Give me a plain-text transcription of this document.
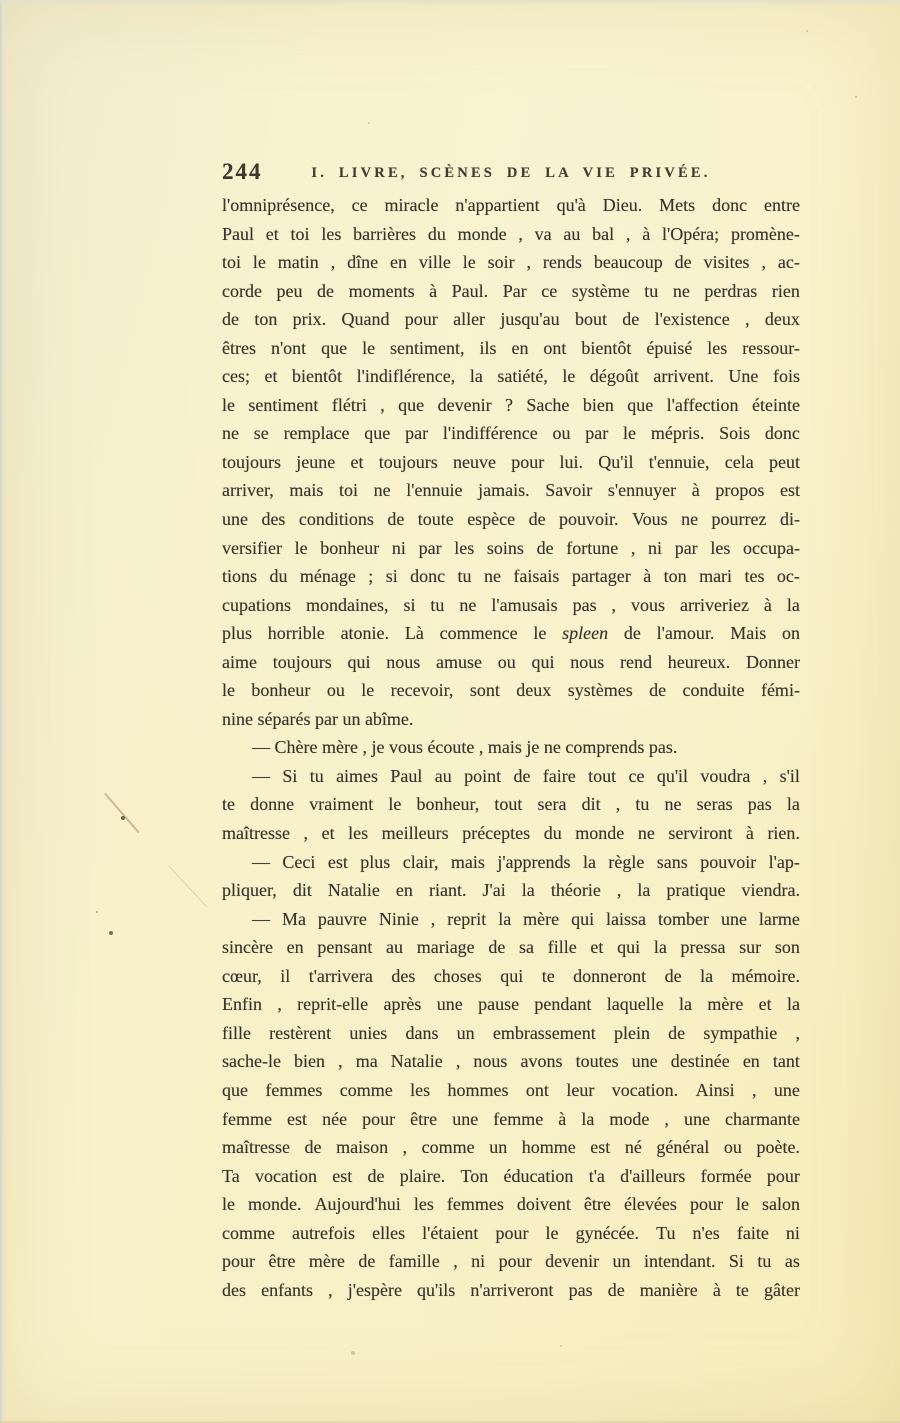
244	I. LIVRE, SCÈNES DE LA VIE PRIVÉE.
l'omniprésence, ce miracle n'appartient qu'à Dieu. Mets donc entre
Paul et toi les barrières du monde , va au bal , à l'Opéra; promène-
toi le matin , dîne en ville le soir , rends beaucoup de visites , ac-
corde peu de moments à Paul. Par ce système tu ne perdras rien
de ton prix. Quand pour aller jusqu'au bout de l'existence , deux
êtres n'ont que le sentiment, ils en ont bientôt épuisé les ressour-
ces; et bientôt l'indiflérence, la satiété, le dégoût arrivent. Une fois
le sentiment flétri , que devenir ? Sache bien que l'affection éteinte
ne se remplace que par l'indifférence ou par le mépris. Sois donc
toujours jeune et toujours neuve pour lui. Qu'il t'ennuie, cela peut
arriver, mais toi ne l'ennuie jamais. Savoir s'ennuyer à propos est
une des conditions de toute espèce de pouvoir. Vous ne pourrez di-
versifier le bonheur ni par les soins de fortune , ni par les occupa-
tions du ménage ; si donc tu ne faisais partager à ton mari tes oc-
cupations mondaines, si tu ne l'amusais pas , vous arriveriez à la
plus horrible atonie. Là commence le spleen de l'amour. Mais on
aime toujours qui nous amuse ou qui nous rend heureux. Donner
le bonheur ou le recevoir, sont deux systèmes de conduite fémi-
nine séparés par un abîme.
— Chère mère , je vous écoute , mais je ne comprends pas.
— Si tu aimes Paul au point de faire tout ce qu'il voudra , s'il
te donne vraiment le bonheur, tout sera dit , tu ne seras pas la
maîtresse , et les meilleurs préceptes du monde ne serviront à rien.
— Ceci est plus clair, mais j'apprends la règle sans pouvoir l'ap-
pliquer, dit Natalie en riant. J'ai la théorie , la pratique viendra.
— Ma pauvre Ninie , reprit la mère qui laissa tomber une larme
sincère en pensant au mariage de sa fille et qui la pressa sur son
cœur, il t'arrivera des choses qui te donneront de la mémoire.
Enfin , reprit-elle après une pause pendant laquelle la mère et la
fille restèrent unies dans un embrassement plein de sympathie ,
sache-le bien , ma Natalie , nous avons toutes une destinée en tant
que femmes comme les hommes ont leur vocation. Ainsi , une
femme est née pour être une femme à la mode , une charmante
maîtresse de maison , comme un homme est né général ou poète.
Ta vocation est de plaire. Ton éducation t'a d'ailleurs formée pour
le monde. Aujourd'hui les femmes doivent être élevées pour le salon
comme autrefois elles l'étaient pour le gynécée. Tu n'es faite ni
pour être mère de famille , ni pour devenir un intendant. Si tu as
des enfants , j'espère qu'ils n'arriveront pas de manière à te gâter
